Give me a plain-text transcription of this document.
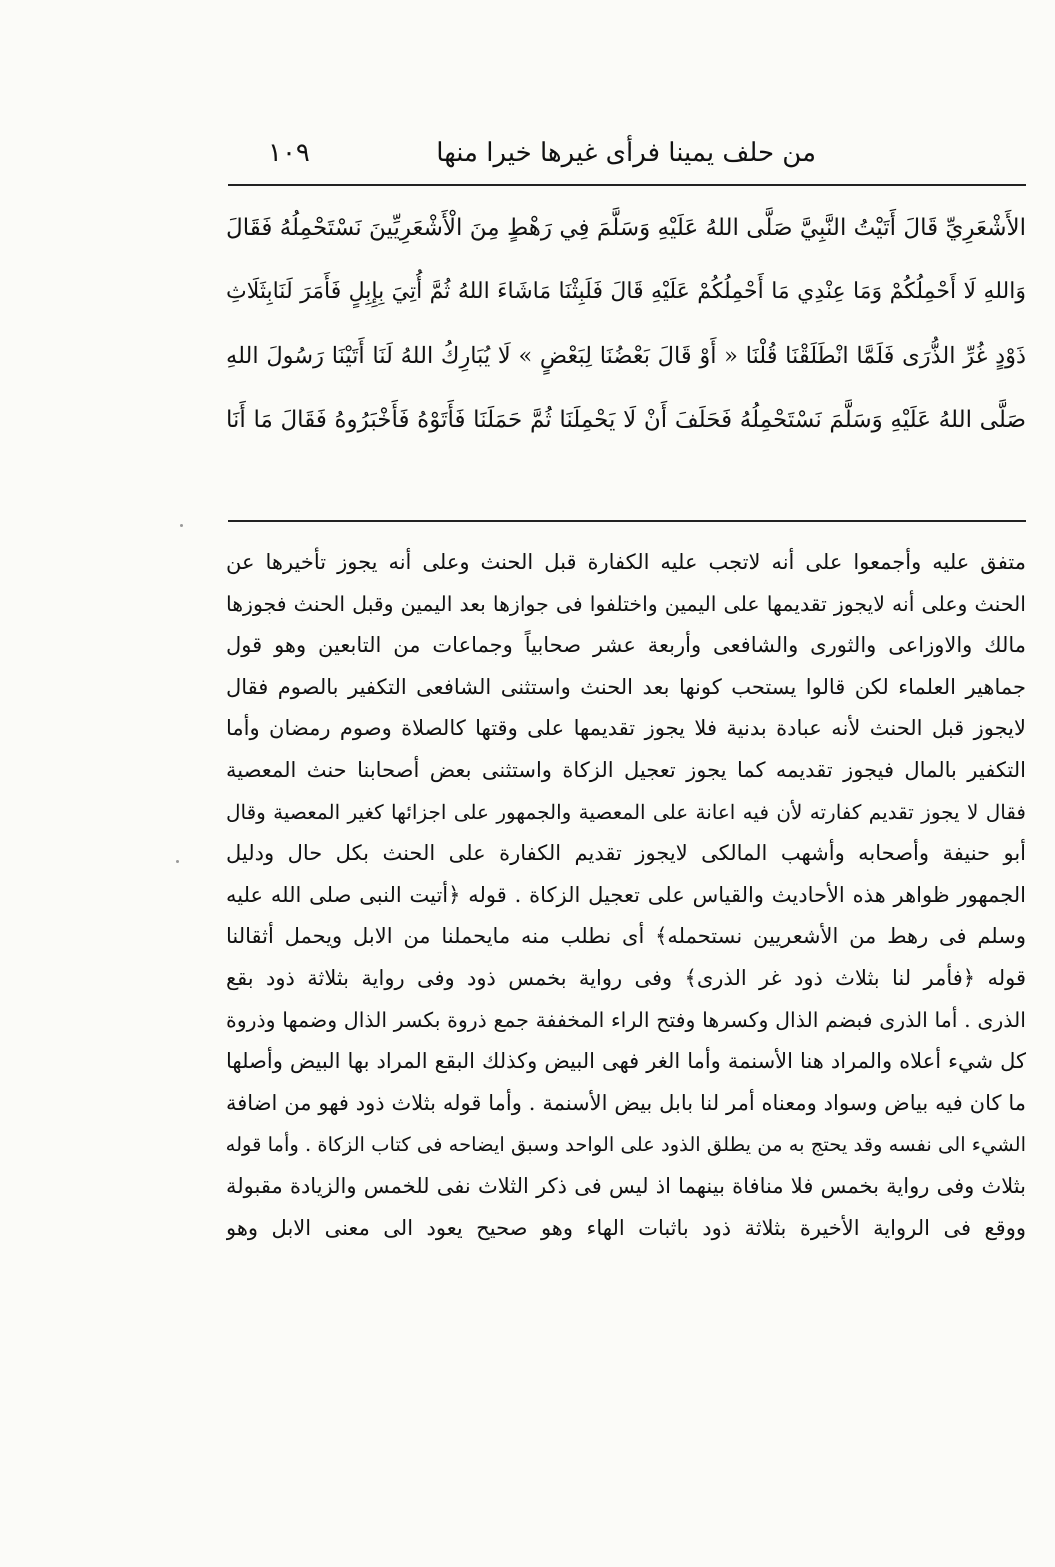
من حلف يمينا فرأى غيرها خيرا منها
١٠٩
الأَشْعَرِيِّ قَالَ أَتَيْتُ النَّبِيَّ صَلَّى اللهُ عَلَيْهِ وَسَلَّمَ فِي رَهْطٍ مِنَ الْأَشْعَرِيِّينَ نَسْتَحْمِلُهُ فَقَالَ
وَاللهِ لَا أَحْمِلُكُمْ وَمَا عِنْدِي مَا أَحْمِلُكُمْ عَلَيْهِ قَالَ فَلَبِثْنَا مَاشَاءَ اللهُ ثُمَّ أُتِيَ بِإِبِلٍ فَأَمَرَ لَنَابِثَلَاثِ
ذَوْدٍ غُرِّ الذُّرَى فَلَمَّا انْطَلَقْنَا قُلْنَا « أَوْ قَالَ بَعْضُنَا لِبَعْضٍ » لَا يُبَارِكُ اللهُ لَنَا أَتَيْنَا رَسُولَ اللهِ
صَلَّى اللهُ عَلَيْهِ وَسَلَّمَ نَسْتَحْمِلُهُ فَحَلَفَ أَنْ لَا يَحْمِلَنَا ثُمَّ حَمَلَنَا فَأَتَوْهُ فَأَخْبَرُوهُ فَقَالَ مَا أَنَا
متفق عليه وأجمعوا على أنه لاتجب عليه الكفارة قبل الحنث وعلى أنه يجوز تأخيرها عن
الحنث وعلى أنه لايجوز تقديمها على اليمين واختلفوا فى جوازها بعد اليمين وقبل الحنث فجوزها
مالك والاوزاعى والثورى والشافعى وأربعة عشر صحابياً وجماعات من التابعين وهو قول
جماهير العلماء لكن قالوا يستحب كونها بعد الحنث واستثنى الشافعى التكفير بالصوم فقال
لايجوز قبل الحنث لأنه عبادة بدنية فلا يجوز تقديمها على وقتها كالصلاة وصوم رمضان وأما
التكفير بالمال فيجوز تقديمه كما يجوز تعجيل الزكاة واستثنى بعض أصحابنا حنث المعصية
فقال لا يجوز تقديم كفارته لأن فيه اعانة على المعصية والجمهور على اجزائها كغير المعصية وقال
أبو حنيفة وأصحابه وأشهب المالكى لايجوز تقديم الكفارة على الحنث بكل حال ودليل
الجمهور ظواهر هذه الأحاديث والقياس على تعجيل الزكاة . قوله ﴿أتيت النبى صلى الله عليه
وسلم فى رهط من الأشعريين نستحمله﴾ أى نطلب منه مايحملنا من الابل ويحمل أثقالنا
قوله ﴿فأمر لنا بثلاث ذود غر الذرى﴾ وفى رواية بخمس ذود وفى رواية بثلاثة ذود بقع
الذرى . أما الذرى فبضم الذال وكسرها وفتح الراء المخففة جمع ذروة بكسر الذال وضمها وذروة
كل شيء أعلاه والمراد هنا الأسنمة وأما الغر فهى البيض وكذلك البقع المراد بها البيض وأصلها
ما كان فيه بياض وسواد ومعناه أمر لنا بابل بيض الأسنمة . وأما قوله بثلاث ذود فهو من اضافة
الشيء الى نفسه وقد يحتج به من يطلق الذود على الواحد وسبق ايضاحه فى كتاب الزكاة . وأما قوله
بثلاث وفى رواية بخمس فلا منافاة بينهما اذ ليس فى ذكر الثلاث نفى للخمس والزيادة مقبولة
ووقع فى الرواية الأخيرة بثلاثة ذود باثبات الهاء وهو صحيح يعود الى معنى الابل وهو
